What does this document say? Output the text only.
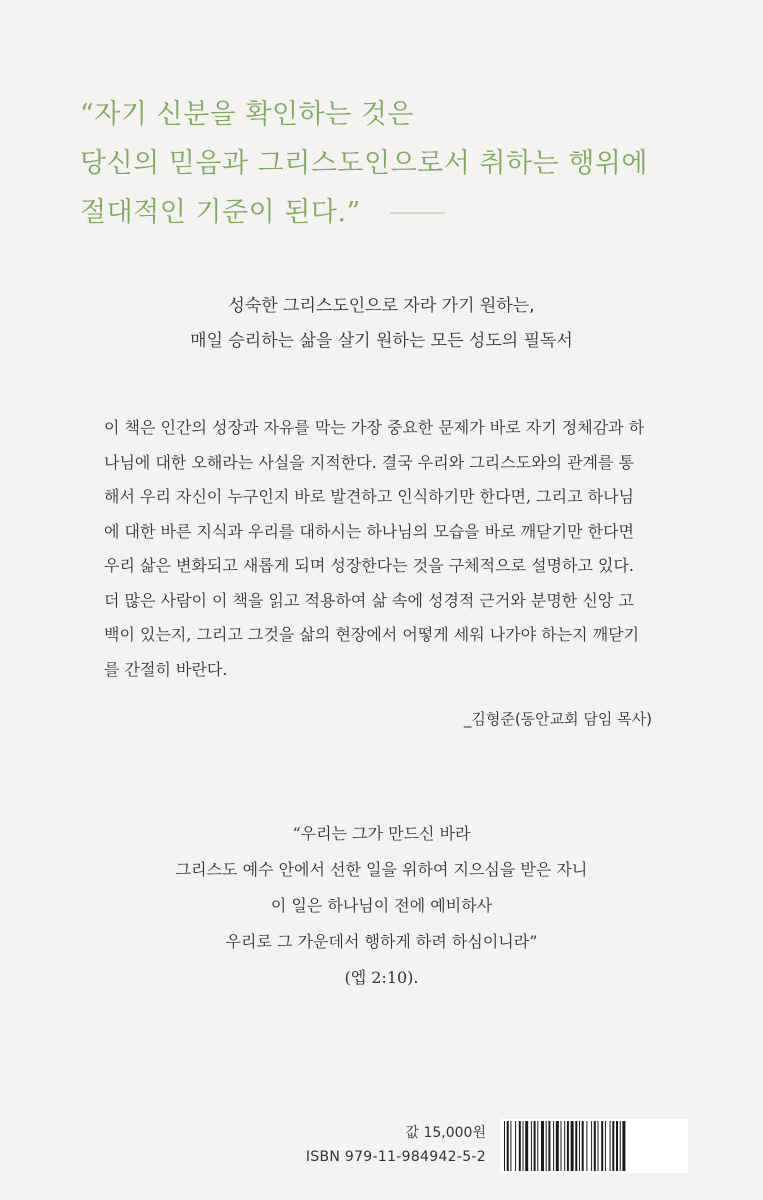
“자기 신분을 확인하는 것은
당신의 믿음과 그리스도인으로서 취하는 행위에
절대적인 기준이 된다.”
성숙한 그리스도인으로 자라 가기 원하는,
매일 승리하는 삶을 살기 원하는 모든 성도의 필독서
이 책은 인간의 성장과 자유를 막는 가장 중요한 문제가 바로 자기 정체감과 하
나님에 대한 오해라는 사실을 지적한다. 결국 우리와 그리스도와의 관계를 통
해서 우리 자신이 누구인지 바로 발견하고 인식하기만 한다면, 그리고 하나님
에 대한 바른 지식과 우리를 대하시는 하나님의 모습을 바로 깨닫기만 한다면
우리 삶은 변화되고 새롭게 되며 성장한다는 것을 구체적으로 설명하고 있다.
더 많은 사람이 이 책을 읽고 적용하여 삶 속에 성경적 근거와 분명한 신앙 고
백이 있는지, 그리고 그것을 삶의 현장에서 어떻게 세워 나가야 하는지 깨닫기
를 간절히 바란다.
_김형준(동안교회 담임 목사)
“우리는 그가 만드신 바라
그리스도 예수 안에서 선한 일을 위하여 지으심을 받은 자니
이 일은 하나님이 전에 예비하사
우리로 그 가운데서 행하게 하려 하심이니라”
(엡 2:10).
값 15,000원
ISBN 979-11-984942-5-2
